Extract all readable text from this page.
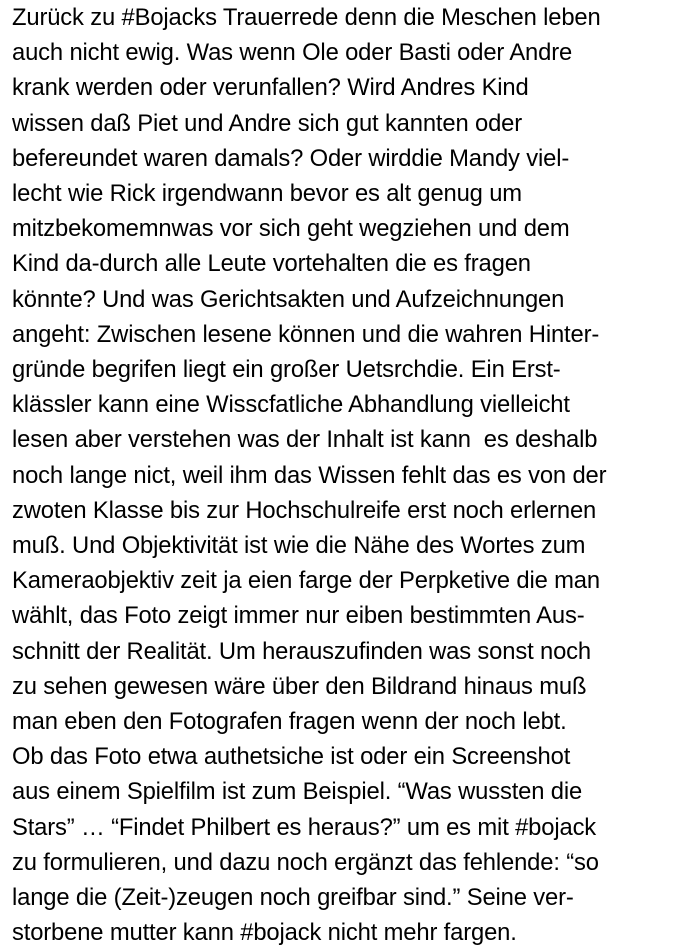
Zurück zu #Bojacks Trauerrede denn die Meschen leben
auch nicht ewig. Was wenn Ole oder Basti oder Andre
krank werden oder verunfallen? Wird Andres Kind
wissen daß Piet und Andre sich gut kannten oder
befereundet waren damals? Oder wirddie Mandy viel-
lecht wie Rick irgendwann bevor es alt genug um
mitzbekomemnwas vor sich geht wegziehen und dem
Kind da-durch alle Leute vortehalten die es fragen
könnte? Und was Gerichtsakten und Aufzeichnungen
angeht: Zwischen lesene können und die wahren Hinter-
gründe begrifen liegt ein großer Uetsrchdie. Ein Erst-
klässler kann eine Wisscfatliche Abhandlung vielleicht
lesen aber verstehen was der Inhalt ist kann  es deshalb
noch lange nict, weil ihm das Wissen fehlt das es von der
zwoten Klasse bis zur Hochschulreife erst noch erlernen
muß. Und Objektivität ist wie die Nähe des Wortes zum
Kameraobjektiv zeit ja eien farge der Perpketive die man
wählt, das Foto zeigt immer nur eiben bestimmten Aus-
schnitt der Realität. Um herauszufinden was sonst noch
zu sehen gewesen wäre über den Bildrand hinaus muß
man eben den Fotografen fragen wenn der noch lebt.
Ob das Foto etwa authetsiche ist oder ein Screenshot
aus einem Spielfilm ist zum Beispiel. “Was wussten die
Stars” … “Findet Philbert es heraus?” um es mit #bojack
zu formulieren, und dazu noch ergänzt das fehlende: “so
lange die (Zeit-)zeugen noch greifbar sind.” Seine ver-
storbene mutter kann #bojack nicht mehr fargen.
